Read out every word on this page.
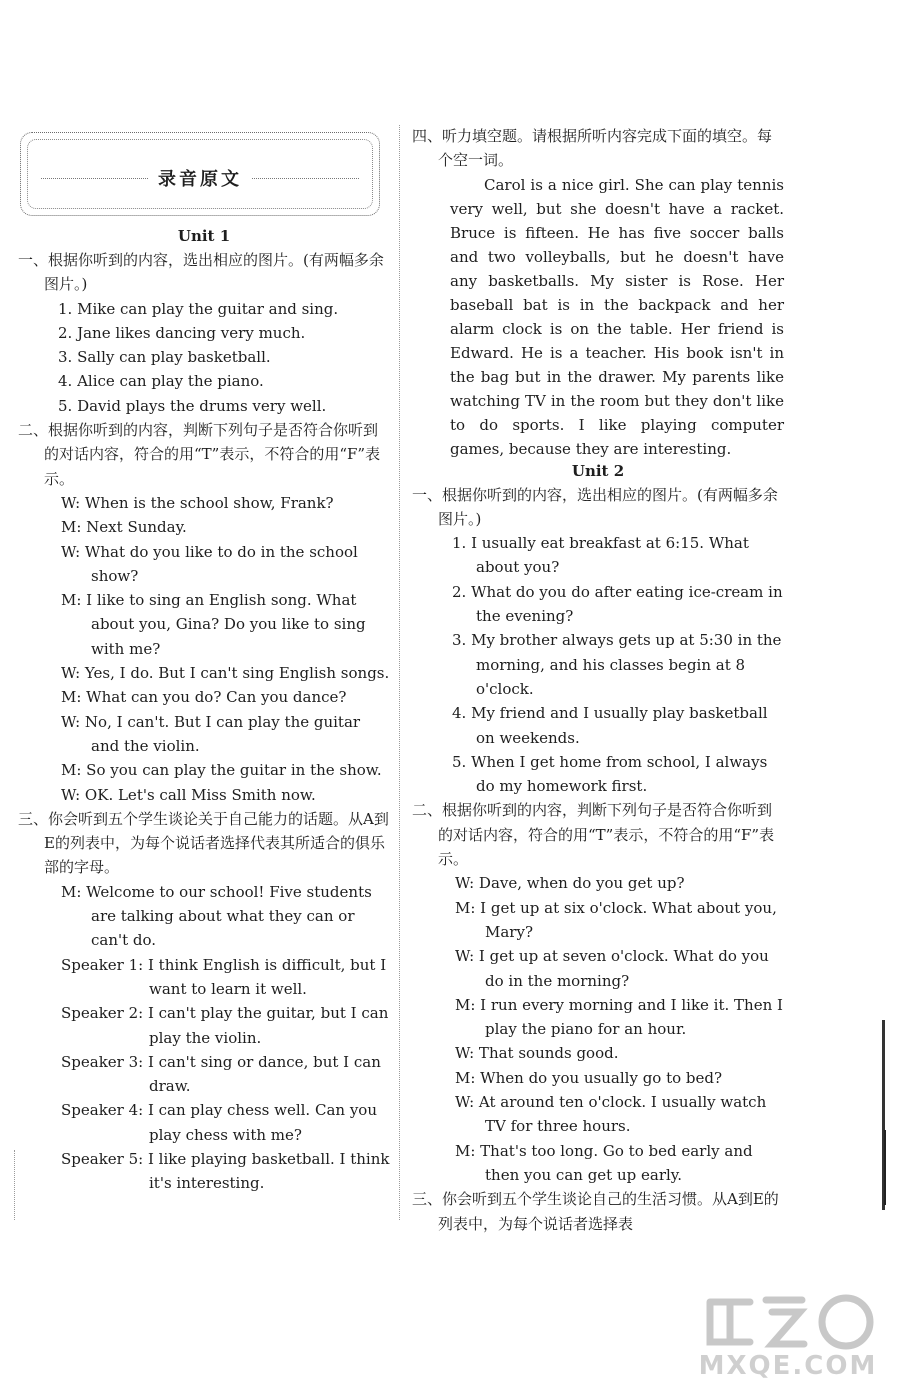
录音原文

Unit 1

一、根据你听到的内容，选出相应的图片。(有两幅多余图片。)

1. Mike can play the guitar and sing.

2. Jane likes dancing very much.

3. Sally can play basketball.

4. Alice can play the piano.

5. David plays the drums very well.

二、根据你听到的内容，判断下列句子是否符合你听到的对话内容，符合的用“T”表示，不符合的用“F”表示。

W: When is the school show, Frank?

M: Next Sunday.

W: What do you like to do in the school show?

M: I like to sing an English song. What about you, Gina? Do you like to sing with me?

W: Yes, I do. But I can't sing English songs.

M: What can you do? Can you dance?

W: No, I can't. But I can play the guitar and the violin.

M: So you can play the guitar in the show.

W: OK. Let's call Miss Smith now.

三、你会听到五个学生谈论关于自己能力的话题。从A到E的列表中，为每个说话者选择代表其所适合的俱乐部的字母。

M: Welcome to our school! Five students are talking about what they can or can't do.

Speaker 1: I think English is difficult, but I want to learn it well.

Speaker 2: I can't play the guitar, but I can play the violin.

Speaker 3: I can't sing or dance, but I can draw.

Speaker 4: I can play chess well. Can you play chess with me?

Speaker 5: I like playing basketball. I think it's interesting.

四、听力填空题。请根据所听内容完成下面的填空。每个空一词。

Carol is a nice girl. She can play tennis very well, but she doesn't have a racket. Bruce is fifteen. He has five soccer balls and two volleyballs, but he doesn't have any basketballs. My sister is Rose. Her baseball bat is in the backpack and her alarm clock is on the table. Her friend is Edward. He is a teacher. His book isn't in the bag but in the drawer. My parents like watching TV in the room but they don't like to do sports. I like playing computer games, because they are interesting.

Unit 2

一、根据你听到的内容，选出相应的图片。(有两幅多余图片。)

1. I usually eat breakfast at 6:15. What about you?

2. What do you do after eating ice-cream in the evening?

3. My brother always gets up at 5:30 in the morning, and his classes begin at 8 o'clock.

4. My friend and I usually play basketball on weekends.

5. When I get home from school, I always do my homework first.

二、根据你听到的内容，判断下列句子是否符合你听到的对话内容，符合的用“T”表示，不符合的用“F”表示。

W: Dave, when do you get up?

M: I get up at six o'clock. What about you, Mary?

W: I get up at seven o'clock. What do you do in the morning?

M: I run every morning and I like it. Then I play the piano for an hour.

W: That sounds good.

M: When do you usually go to bed?

W: At around ten o'clock. I usually watch TV for three hours.

M: That's too long. Go to bed early and then you can get up early.

三、你会听到五个学生谈论自己的生活习惯。从A到E的列表中，为每个说话者选择表

MXQE.COM
